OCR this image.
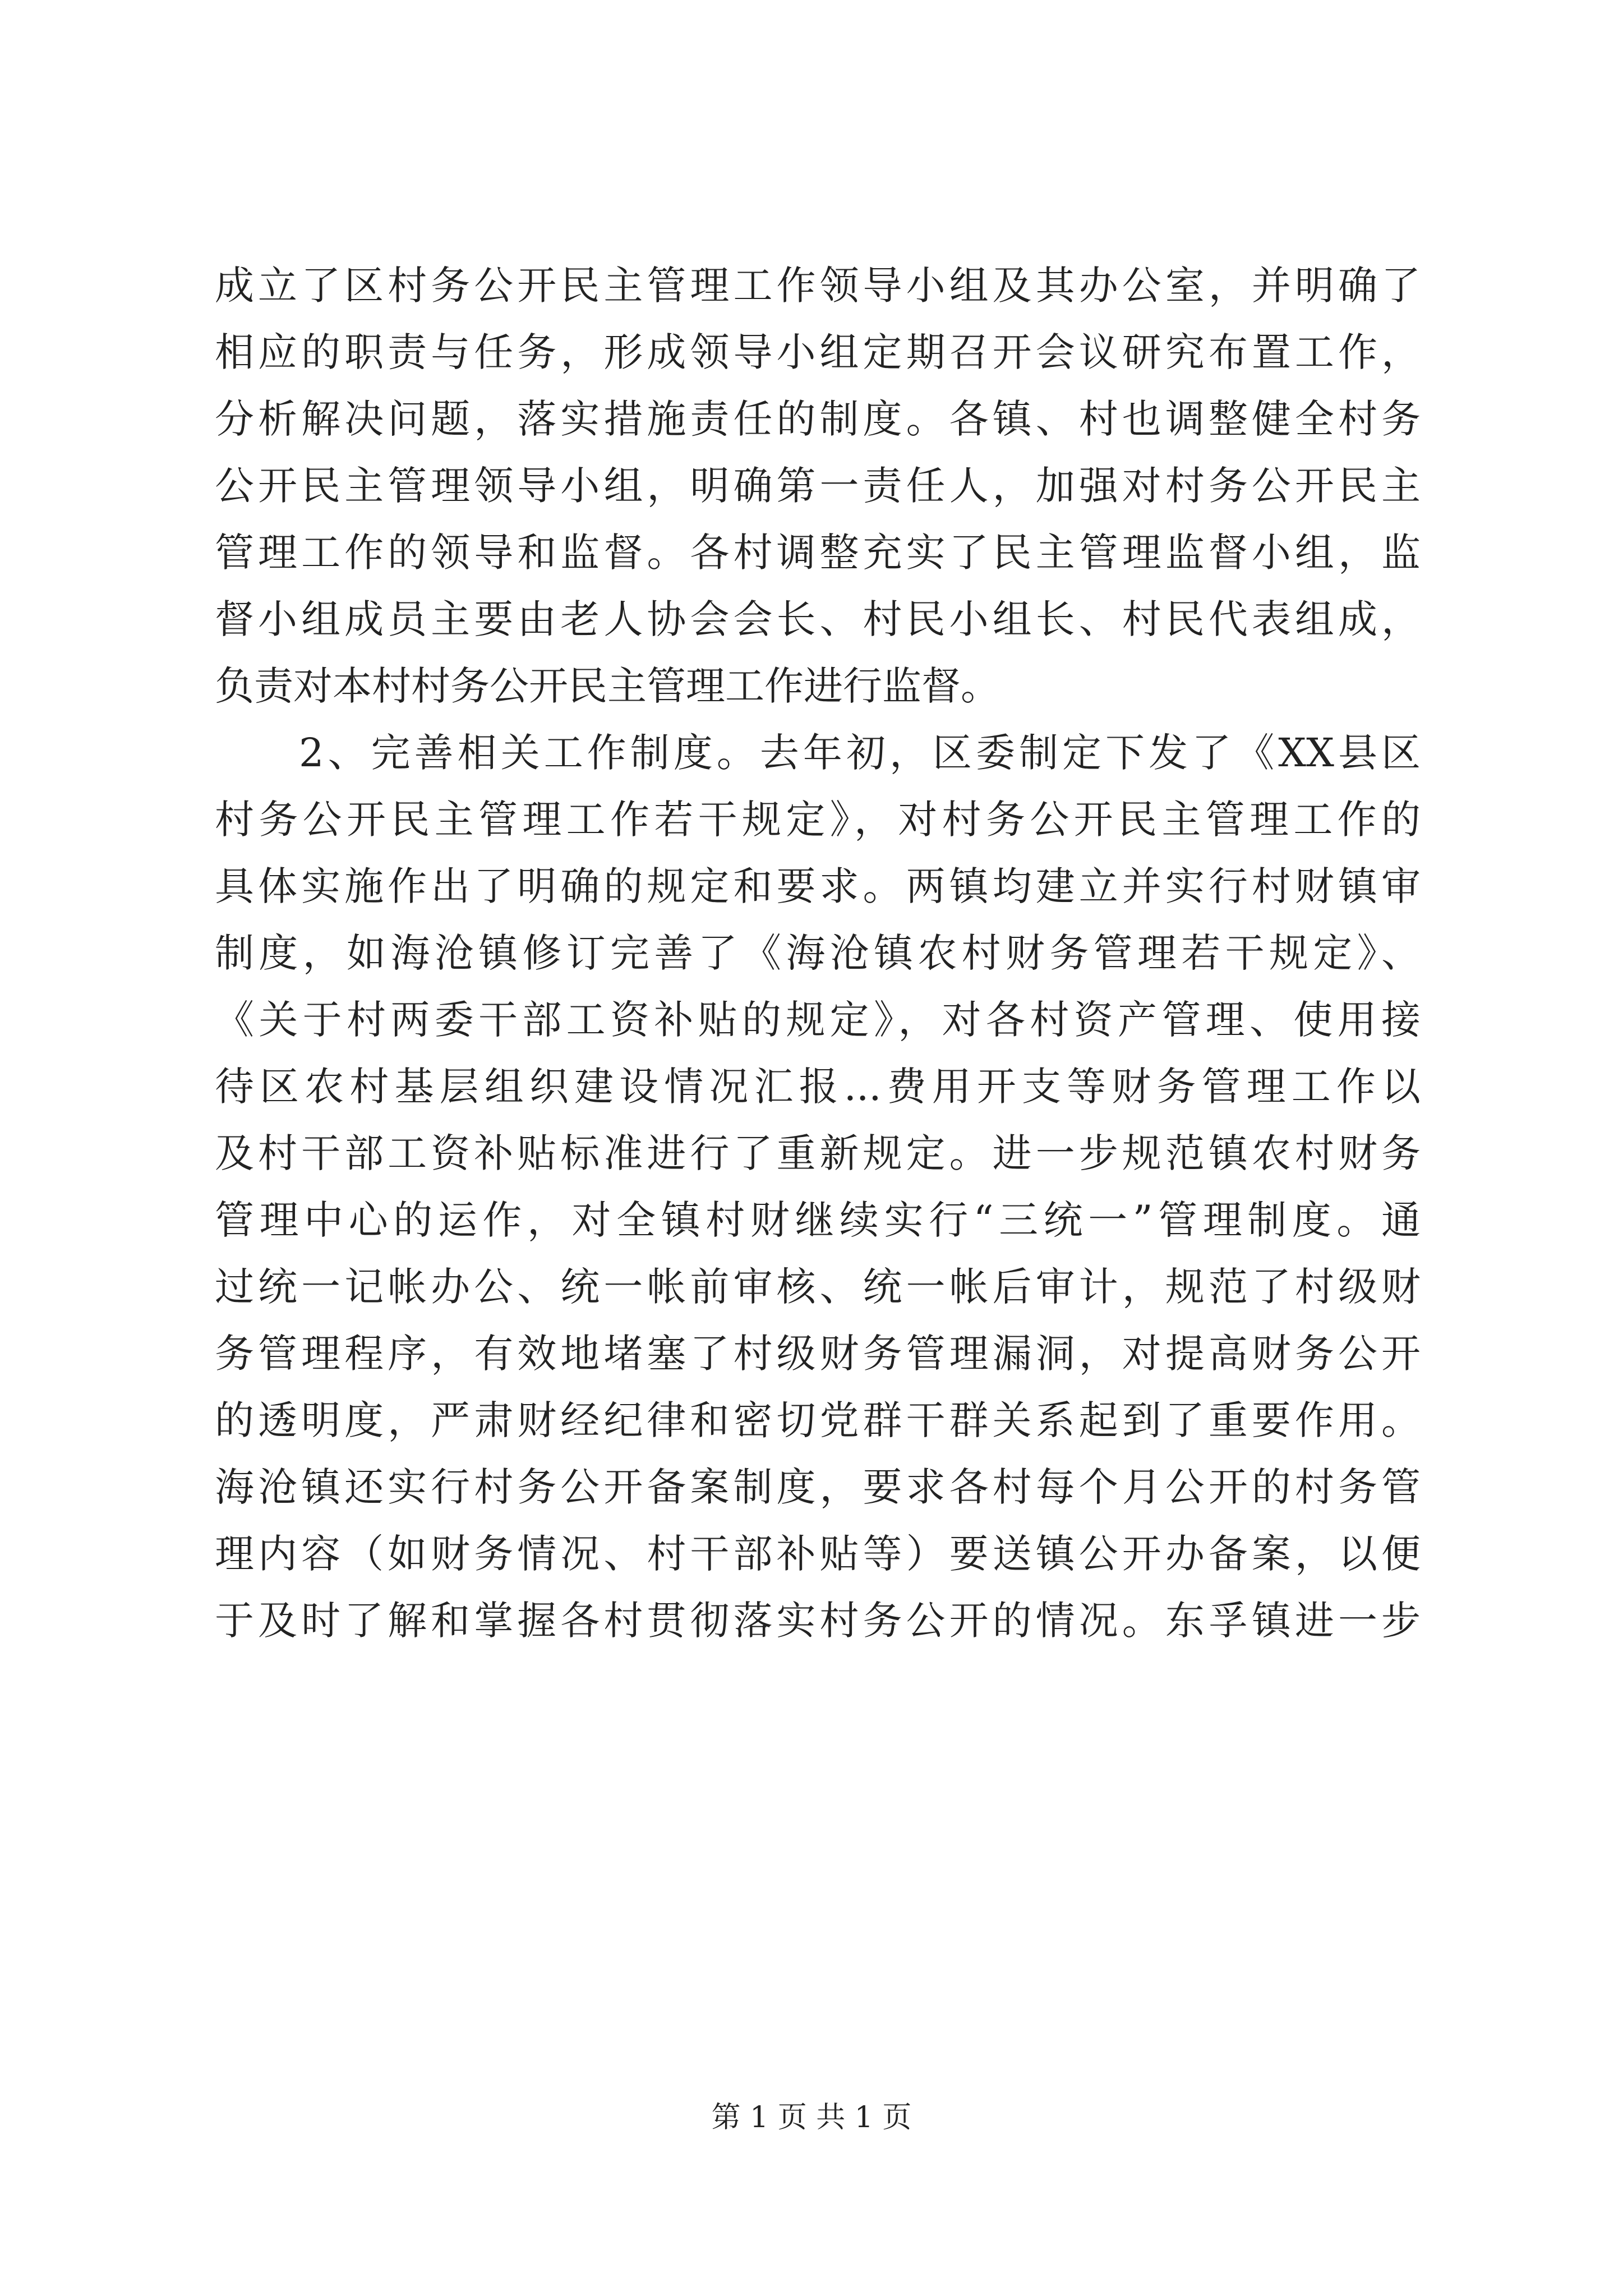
成立了区村务公开民主管理工作领导小组及其办公室，并明确了
相应的职责与任务，形成领导小组定期召开会议研究布置工作，
分析解决问题，落实措施责任的制度。各镇、村也调整健全村务
公开民主管理领导小组，明确第一责任人，加强对村务公开民主
管理工作的领导和监督。各村调整充实了民主管理监督小组，监
督小组成员主要由老人协会会长、村民小组长、村民代表组成，
负责对本村村务公开民主管理工作进行监督。
2、完善相关工作制度。去年初，区委制定下发了《XX县区
村务公开民主管理工作若干规定》，对村务公开民主管理工作的
具体实施作出了明确的规定和要求。两镇均建立并实行村财镇审
制度，如海沧镇修订完善了《海沧镇农村财务管理若干规定》、
《关于村两委干部工资补贴的规定》，对各村资产管理、使用接
待区农村基层组织建设情况汇报...费用开支等财务管理工作以
及村干部工资补贴标准进行了重新规定。进一步规范镇农村财务
管理中心的运作，对全镇村财继续实行“三统一”管理制度。通
过统一记帐办公、统一帐前审核、统一帐后审计，规范了村级财
务管理程序，有效地堵塞了村级财务管理漏洞，对提高财务公开
的透明度，严肃财经纪律和密切党群干群关系起到了重要作用。
海沧镇还实行村务公开备案制度，要求各村每个月公开的村务管
理内容（如财务情况、村干部补贴等）要送镇公开办备案，以便
于及时了解和掌握各村贯彻落实村务公开的情况。东孚镇进一步
第 1 页 共 1 页
